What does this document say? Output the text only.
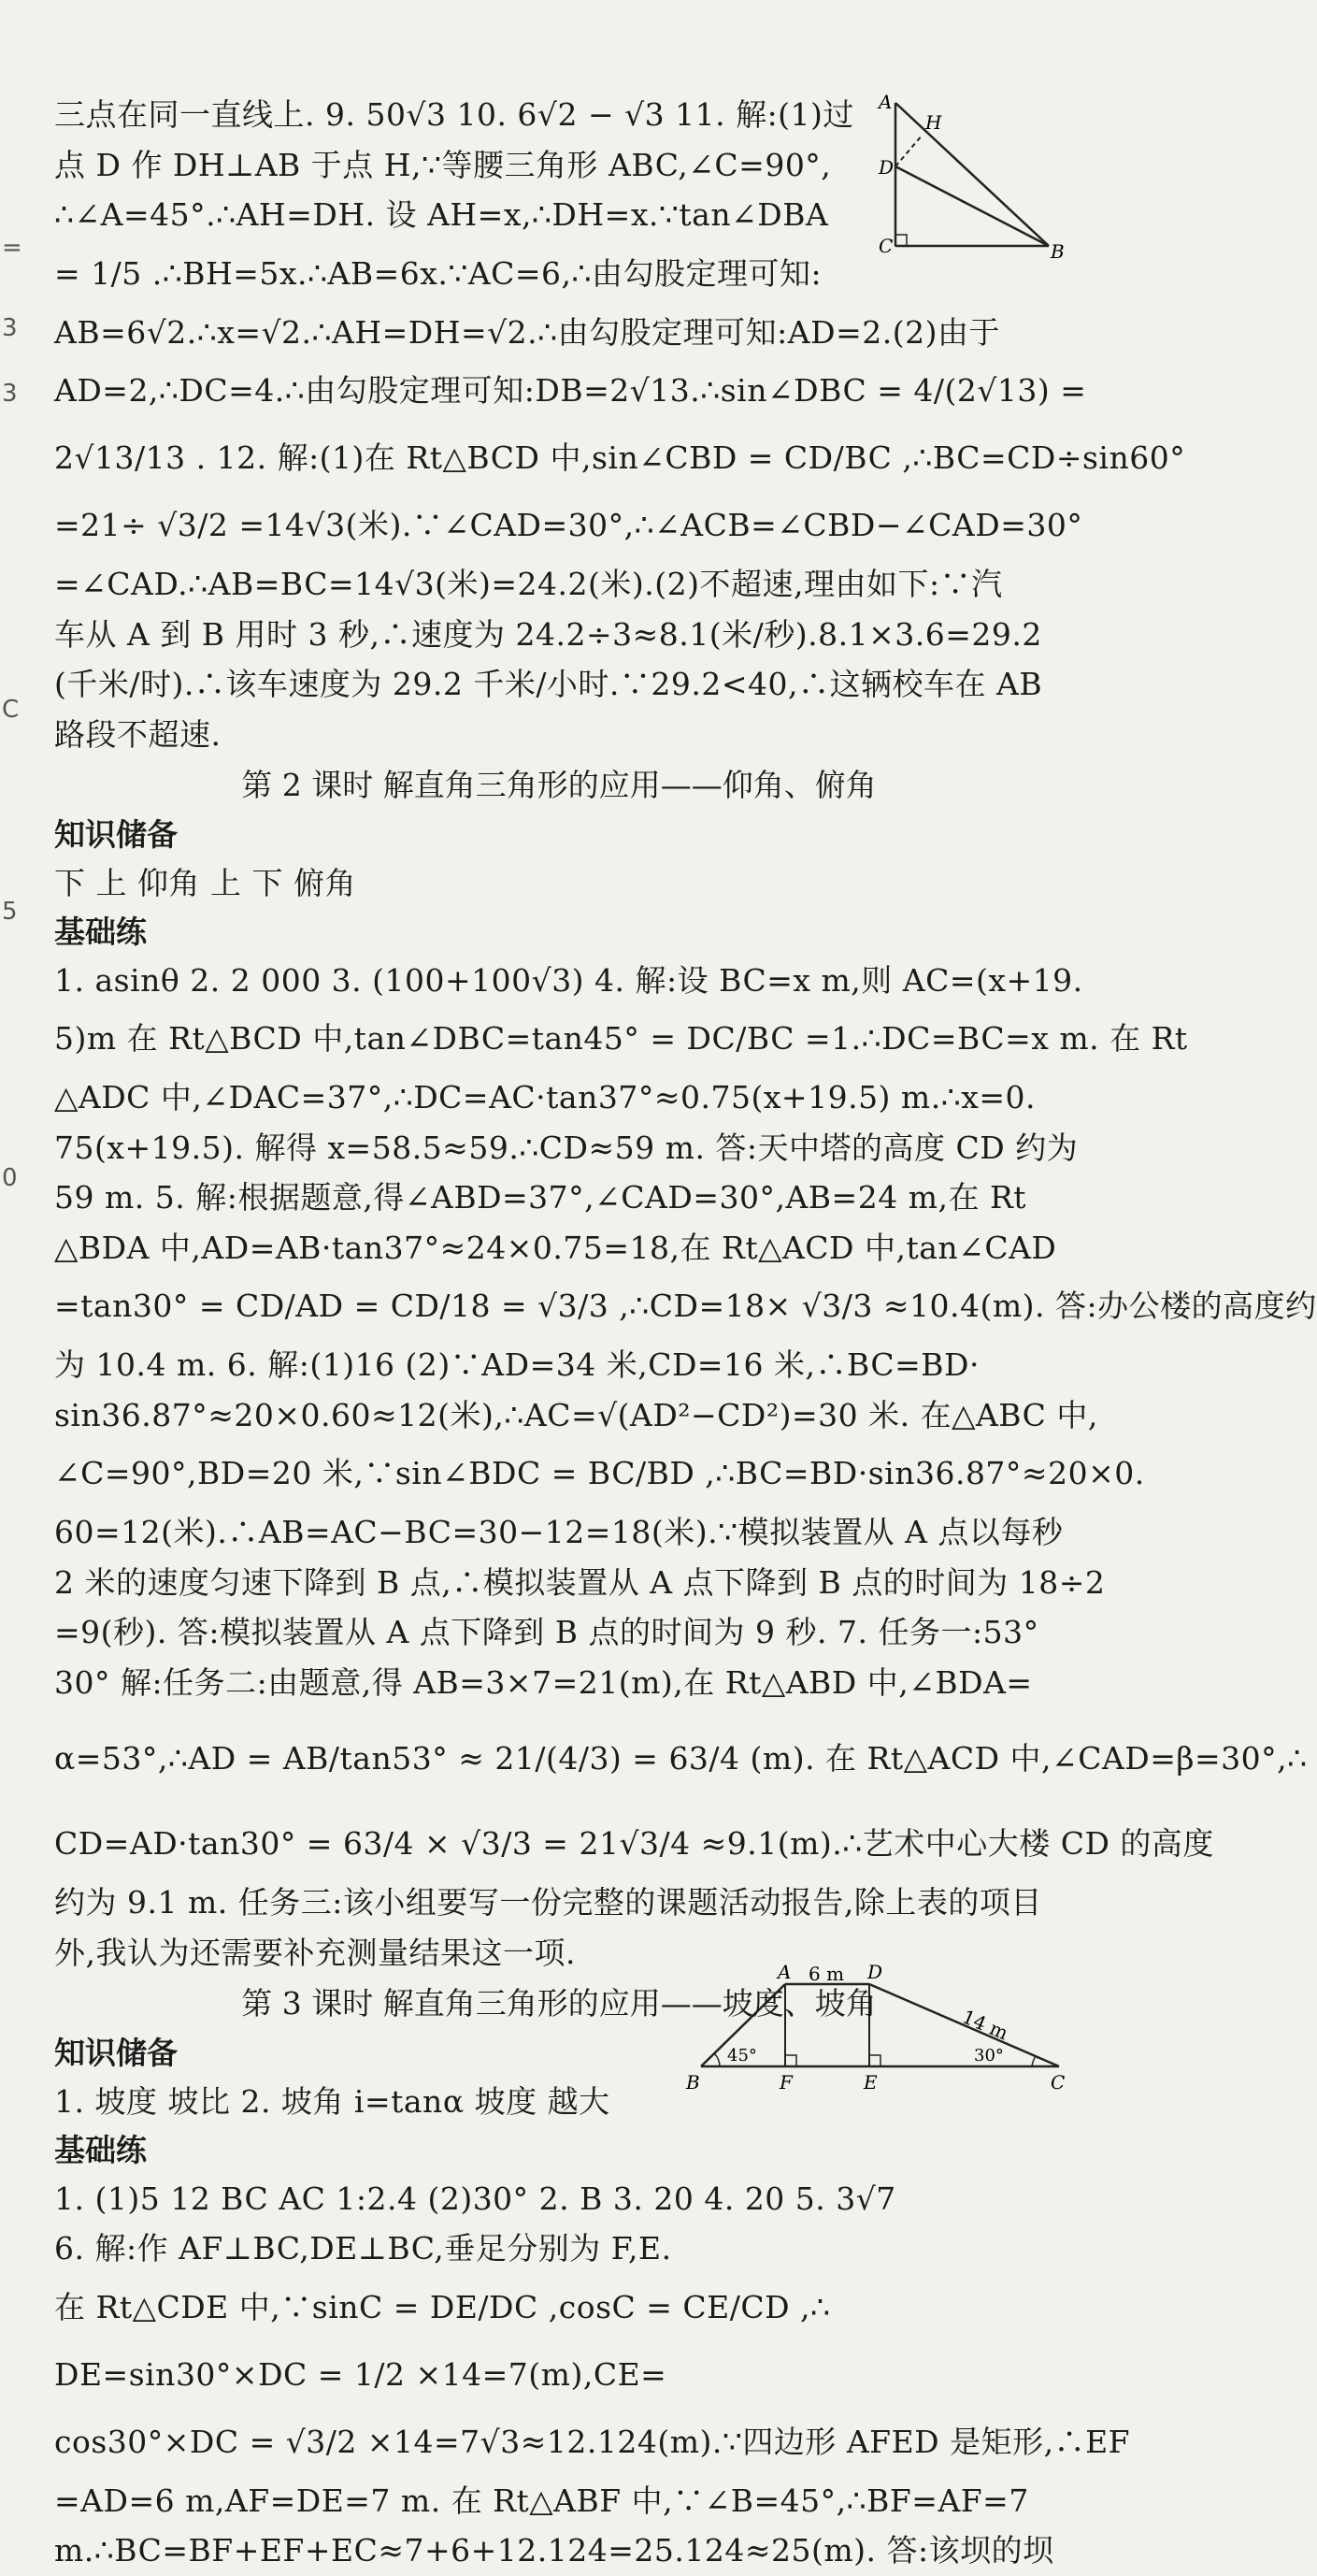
=
3
3
C
5
0
A
H
D
C	B
A 6 m D
14 m
45°	30°
B	F	E	C
三点在同一直线上. 9. 50√3 10. 6√2 − √3 11. 解:(1)过
点 D 作 DH⊥AB 于点 H,∵等腰三角形 ABC,∠C=90°,
∴∠A=45°.∴AH=DH. 设 AH=x,∴DH=x.∵tan∠DBA
= 1/5 .∴BH=5x.∴AB=6x.∵AC=6,∴由勾股定理可知:
AB=6√2.∴x=√2.∴AH=DH=√2.∴由勾股定理可知:AD=2.(2)由于
AD=2,∴DC=4.∴由勾股定理可知:DB=2√13.∴sin∠DBC = 4/(2√13) =
2√13/13 . 12. 解:(1)在 Rt△BCD 中,sin∠CBD = CD/BC ,∴BC=CD÷sin60°
=21÷ √3/2 =14√3(米).∵∠CAD=30°,∴∠ACB=∠CBD−∠CAD=30°
=∠CAD.∴AB=BC=14√3(米)=24.2(米).(2)不超速,理由如下:∵汽
车从 A 到 B 用时 3 秒,∴速度为 24.2÷3≈8.1(米/秒).8.1×3.6=29.2
(千米/时).∴该车速度为 29.2 千米/小时.∵29.2<40,∴这辆校车在 AB
路段不超速.
第 2 课时 解直角三角形的应用——仰角、俯角
知识储备
下 上 仰角 上 下 俯角
基础练
1. asinθ 2. 2 000 3. (100+100√3) 4. 解:设 BC=x m,则 AC=(x+19.
5)m 在 Rt△BCD 中,tan∠DBC=tan45° = DC/BC =1.∴DC=BC=x m. 在 Rt
△ADC 中,∠DAC=37°,∴DC=AC·tan37°≈0.75(x+19.5) m.∴x=0.
75(x+19.5). 解得 x=58.5≈59.∴CD≈59 m. 答:天中塔的高度 CD 约为
59 m. 5. 解:根据题意,得∠ABD=37°,∠CAD=30°,AB=24 m,在 Rt
△BDA 中,AD=AB·tan37°≈24×0.75=18,在 Rt△ACD 中,tan∠CAD
=tan30° = CD/AD = CD/18 = √3/3 ,∴CD=18× √3/3 ≈10.4(m). 答:办公楼的高度约
为 10.4 m. 6. 解:(1)16 (2)∵AD=34 米,CD=16 米,∴BC=BD·
sin36.87°≈20×0.60≈12(米),∴AC=√(AD²−CD²)=30 米. 在△ABC 中,
∠C=90°,BD=20 米,∵sin∠BDC = BC/BD ,∴BC=BD·sin36.87°≈20×0.
60=12(米).∴AB=AC−BC=30−12=18(米).∵模拟装置从 A 点以每秒
2 米的速度匀速下降到 B 点,∴模拟装置从 A 点下降到 B 点的时间为 18÷2
=9(秒). 答:模拟装置从 A 点下降到 B 点的时间为 9 秒. 7. 任务一:53°
30° 解:任务二:由题意,得 AB=3×7=21(m),在 Rt△ABD 中,∠BDA=
α=53°,∴AD = AB/tan53° ≈ 21/(4/3) = 63/4 (m). 在 Rt△ACD 中,∠CAD=β=30°,∴
CD=AD·tan30° = 63/4 × √3/3 = 21√3/4 ≈9.1(m).∴艺术中心大楼 CD 的高度
约为 9.1 m. 任务三:该小组要写一份完整的课题活动报告,除上表的项目
外,我认为还需要补充测量结果这一项.
第 3 课时 解直角三角形的应用——坡度、坡角
知识储备
1. 坡度 坡比 2. 坡角 i=tanα 坡度 越大
基础练
1. (1)5 12 BC AC 1:2.4 (2)30° 2. B 3. 20 4. 20 5. 3√7
6. 解:作 AF⊥BC,DE⊥BC,垂足分别为 F,E.
在 Rt△CDE 中,∵sinC = DE/DC ,cosC = CE/CD ,∴
DE=sin30°×DC = 1/2 ×14=7(m),CE=
cos30°×DC = √3/2 ×14=7√3≈12.124(m).∵四边形 AFED 是矩形,∴EF
=AD=6 m,AF=DE=7 m. 在 Rt△ABF 中,∵∠B=45°,∴BF=AF=7
m.∴BC=BF+EF+EC≈7+6+12.124=25.124≈25(m). 答:该坝的坝
